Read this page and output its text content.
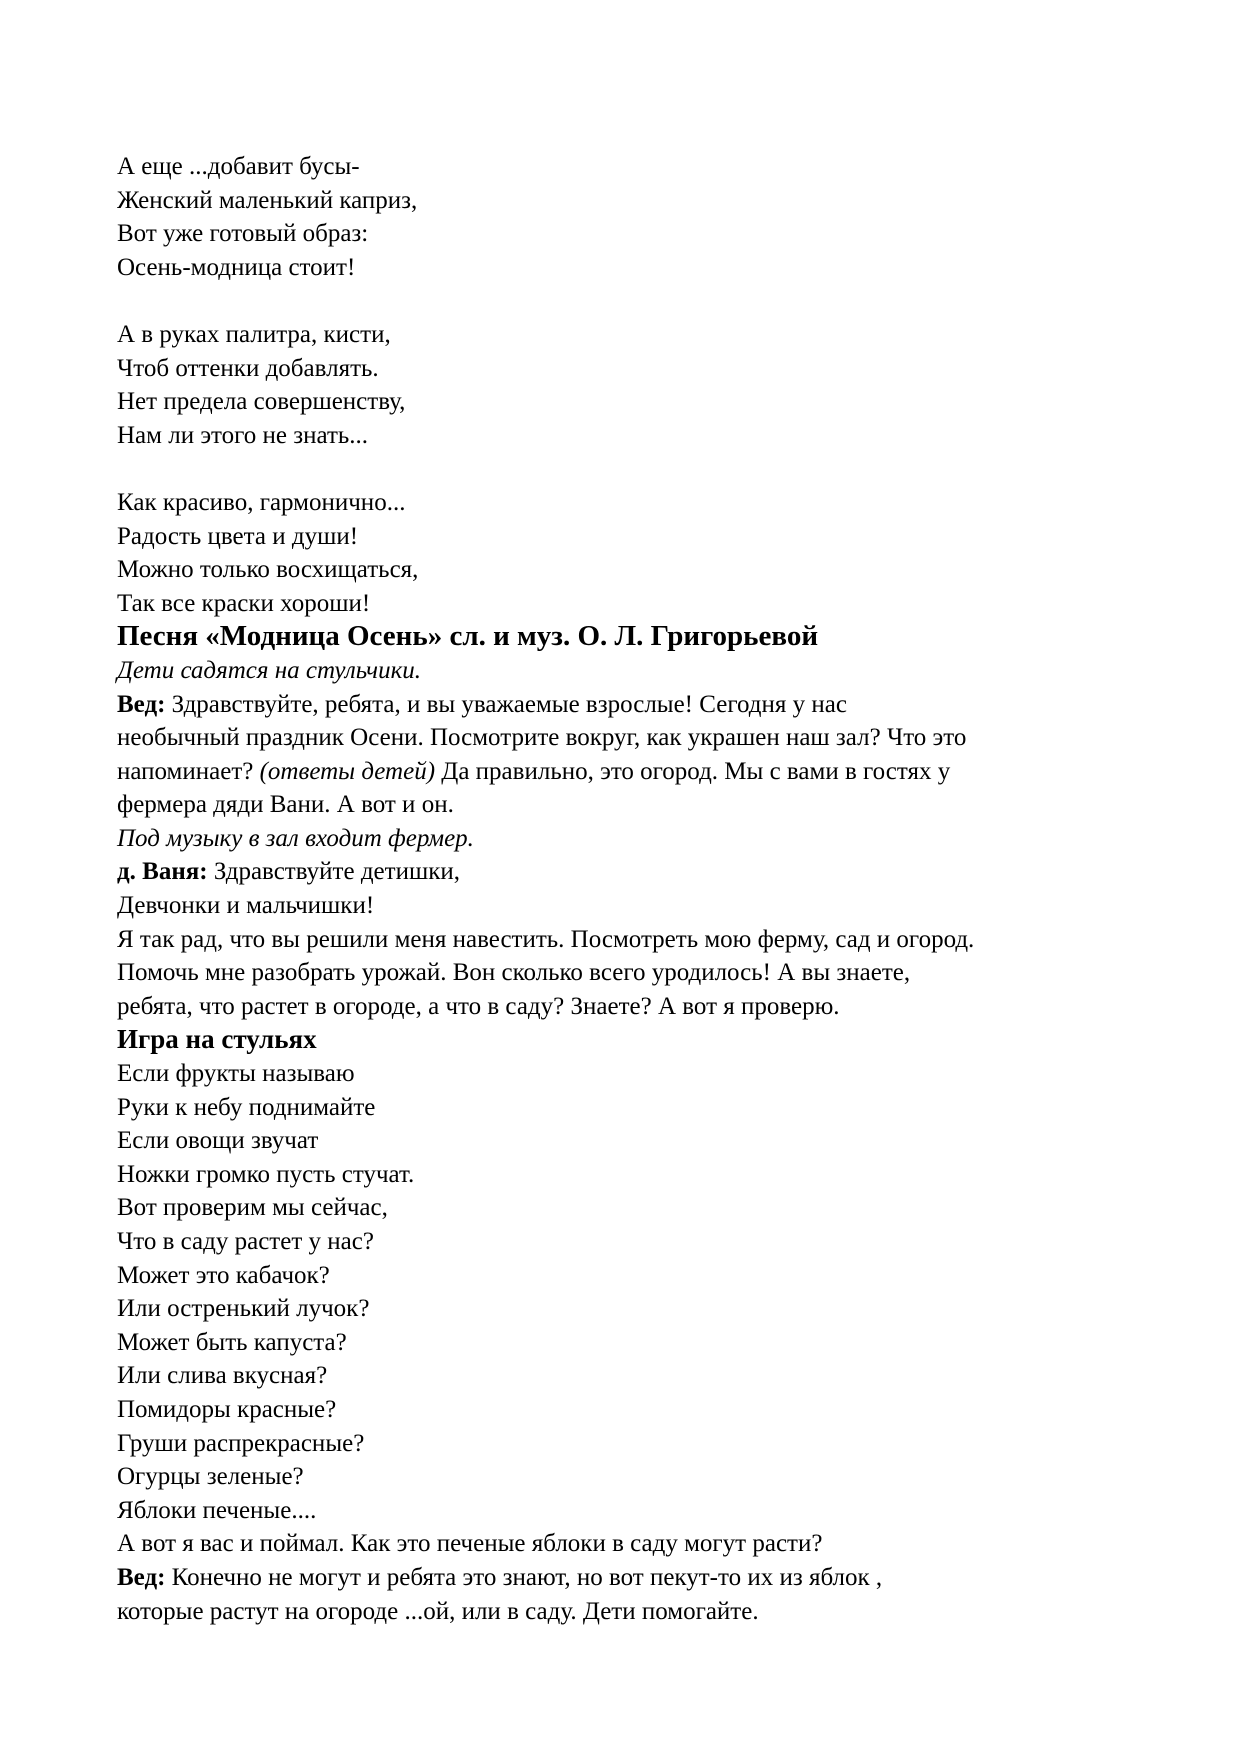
А еще ...добавит бусы-
Женский маленький каприз,
Вот уже готовый образ:
Осень-модница стоит!
А в руках палитра, кисти,
Чтоб оттенки добавлять.
Нет предела совершенству,
Нам ли этого не знать...
Как красиво, гармонично...
Радость цвета и души!
Можно только восхищаться,
Так все краски хороши!
Песня «Модница Осень» сл. и муз. О. Л. Григорьевой
Дети садятся на стульчики.
Вед: Здравствуйте, ребята, и вы уважаемые взрослые! Сегодня у нас
необычный праздник Осени. Посмотрите вокруг, как украшен наш зал? Что это
напоминает? (ответы детей) Да правильно, это огород. Мы с вами в гостях у
фермера дяди Вани. А вот и он.
Под музыку в зал входит фермер.
д. Ваня: Здравствуйте детишки,
Девчонки и мальчишки!
Я так рад, что вы решили меня навестить. Посмотреть мою ферму, сад и огород.
Помочь мне разобрать урожай. Вон сколько всего уродилось! А вы знаете,
ребята, что растет в огороде, а что в саду? Знаете? А вот я проверю.
Игра на стульях
Если фрукты называю
Руки к небу поднимайте
Если овощи звучат
Ножки громко пусть стучат.
Вот проверим мы сейчас,
Что в саду растет у нас?
Может это кабачок?
Или остренький лучок?
Может быть капуста?
Или слива вкусная?
Помидоры красные?
Груши распрекрасные?
Огурцы зеленые?
Яблоки печеные....
А вот я вас и поймал. Как это печеные яблоки в саду могут расти?
Вед: Конечно не могут и ребята это знают, но вот пекут-то их из яблок ,
которые растут на огороде ...ой, или в саду. Дети помогайте.
